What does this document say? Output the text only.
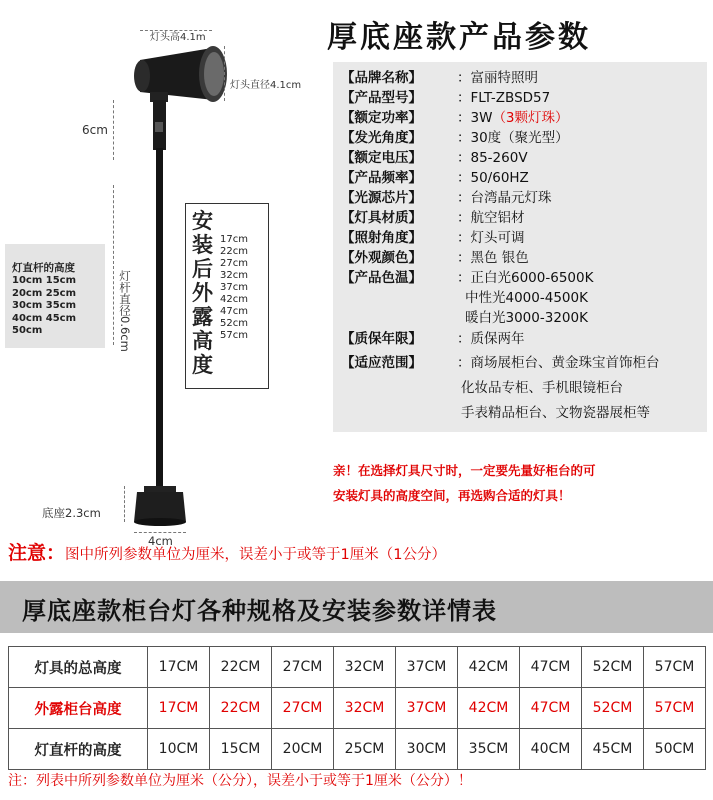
灯头高4.1m
灯头直径4.1cm
6cm
灯杆直径0.6cm
底座2.3cm
4cm
灯直杆的高度
10cm 15cm
20cm 25cm
30cm 35cm
40cm 45cm
50cm
安装后外露高度
17cm
22cm
27cm
32cm
37cm
42cm
47cm
52cm
57cm
厚底座款产品参数
【品牌名称】	：富丽特照明
【产品型号】	：FLT-ZBSD57
【额定功率】	：3W（3颗灯珠）
【发光角度】	：30度（聚光型）
【额定电压】	：85-260V
【产品频率】	：50/60HZ
【光源芯片】	：台湾晶元灯珠
【灯具材质】	：航空铝材
【照射角度】	：灯头可调
【外观颜色】	：黑色 银色
【产品色温】	：正白光6000-6500K
中性光4000-4500K
暖白光3000-3200K
【质保年限】	：质保两年
【适应范围】	：商场展柜台、黄金珠宝首饰柜台
化妆品专柜、手机眼镜柜台
手表精品柜台、文物瓷器展柜等
亲！在选择灯具尺寸时，一定要先量好柜台的可
安装灯具的高度空间，再选购合适的灯具！
注意：图中所列参数单位为厘米，误差小于或等于1厘米（1公分）
厚底座款柜台灯各种规格及安装参数详情表
灯具的总高度	17CM	22CM	27CM	32CM	37CM	42CM	47CM	52CM	57CM
外露柜台高度	17CM	22CM	27CM	32CM	37CM	42CM	47CM	52CM	57CM
灯直杆的高度	10CM	15CM	20CM	25CM	30CM	35CM	40CM	45CM	50CM
注：列表中所列参数单位为厘米（公分），误差小于或等于1厘米（公分）！
